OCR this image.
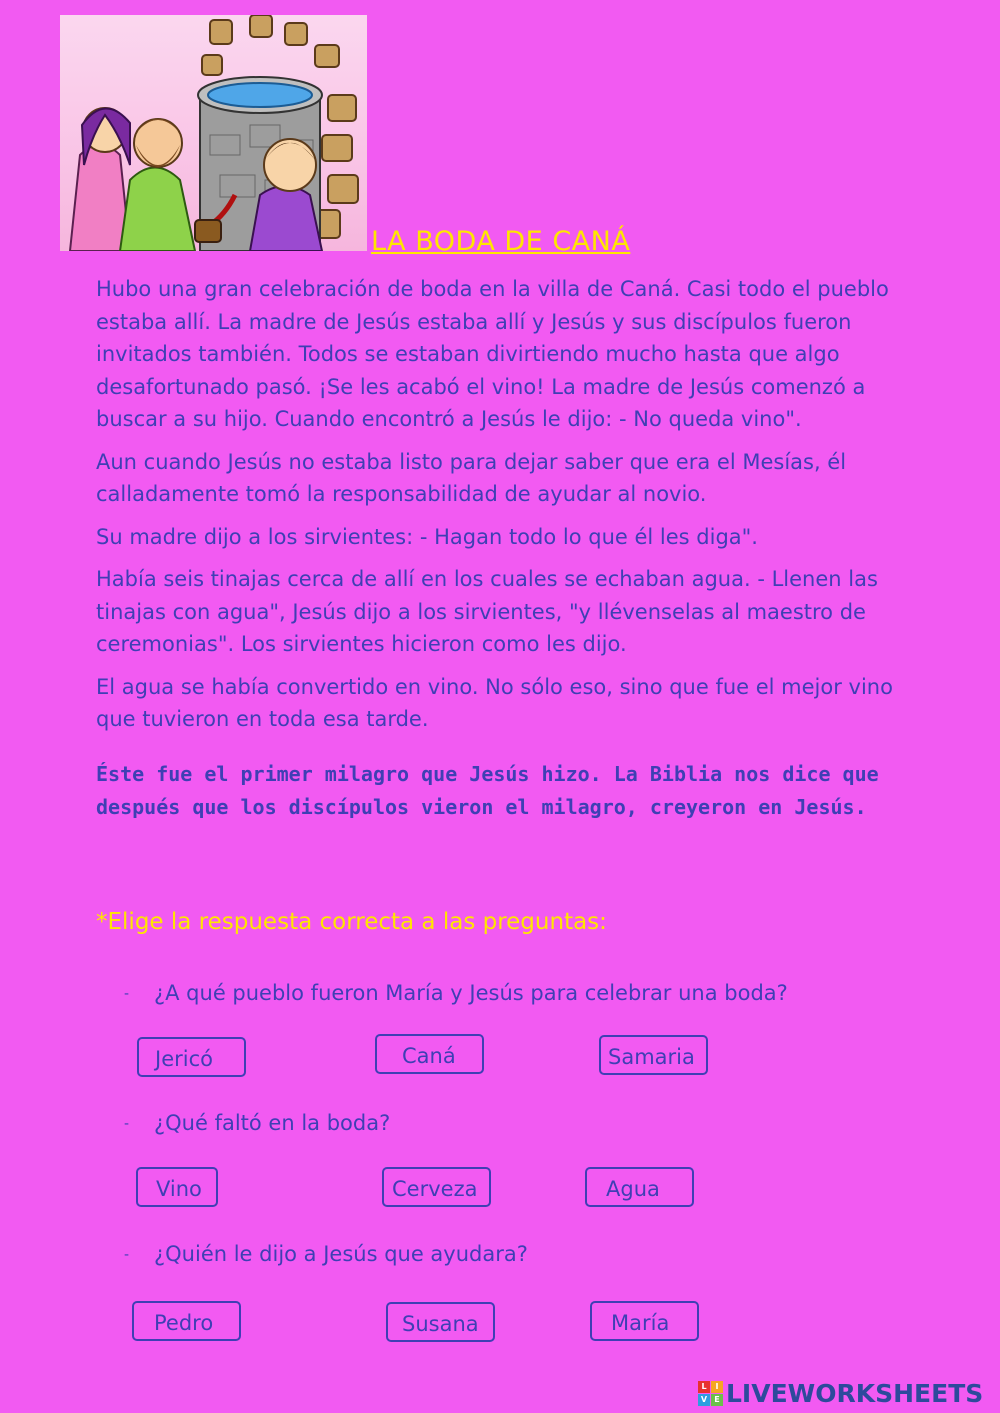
LA BODA DE CANÁ

Hubo una gran celebración de boda en la villa de Caná. Casi todo el pueblo estaba allí. La madre de Jesús estaba allí y Jesús y sus discípulos fueron invitados también. Todos se estaban divirtiendo mucho hasta que algo desafortunado pasó. ¡Se les acabó el vino! La madre de Jesús comenzó a buscar a su hijo. Cuando encontró a Jesús le dijo: - No queda vino".

Aun cuando Jesús no estaba listo para dejar saber que era el Mesías, él calladamente tomó la responsabilidad de ayudar al novio.

Su madre dijo a los sirvientes: - Hagan todo lo que él les diga".

Había seis tinajas cerca de allí en los cuales se echaban agua. - Llenen las tinajas con agua", Jesús dijo a los sirvientes, "y llévenselas al maestro de ceremonias". Los sirvientes hicieron como les dijo.

El agua se había convertido en vino. No sólo eso, sino que fue el mejor vino que tuvieron en toda esa tarde.

Éste fue el primer milagro que Jesús hizo. La Biblia nos dice que después que los discípulos vieron el milagro, creyeron en Jesús.

*Elige la respuesta correcta a las preguntas:
- ¿A qué pueblo fueron María y Jesús para celebrar una boda?
Jericó	Caná	Samaria
- ¿Qué faltó en la boda?
Vino	Cerveza	Agua
- ¿Quién le dijo a Jesús que ayudara?
Pedro	Susana	María
L	I
V E LIVEWORKSHEETS
